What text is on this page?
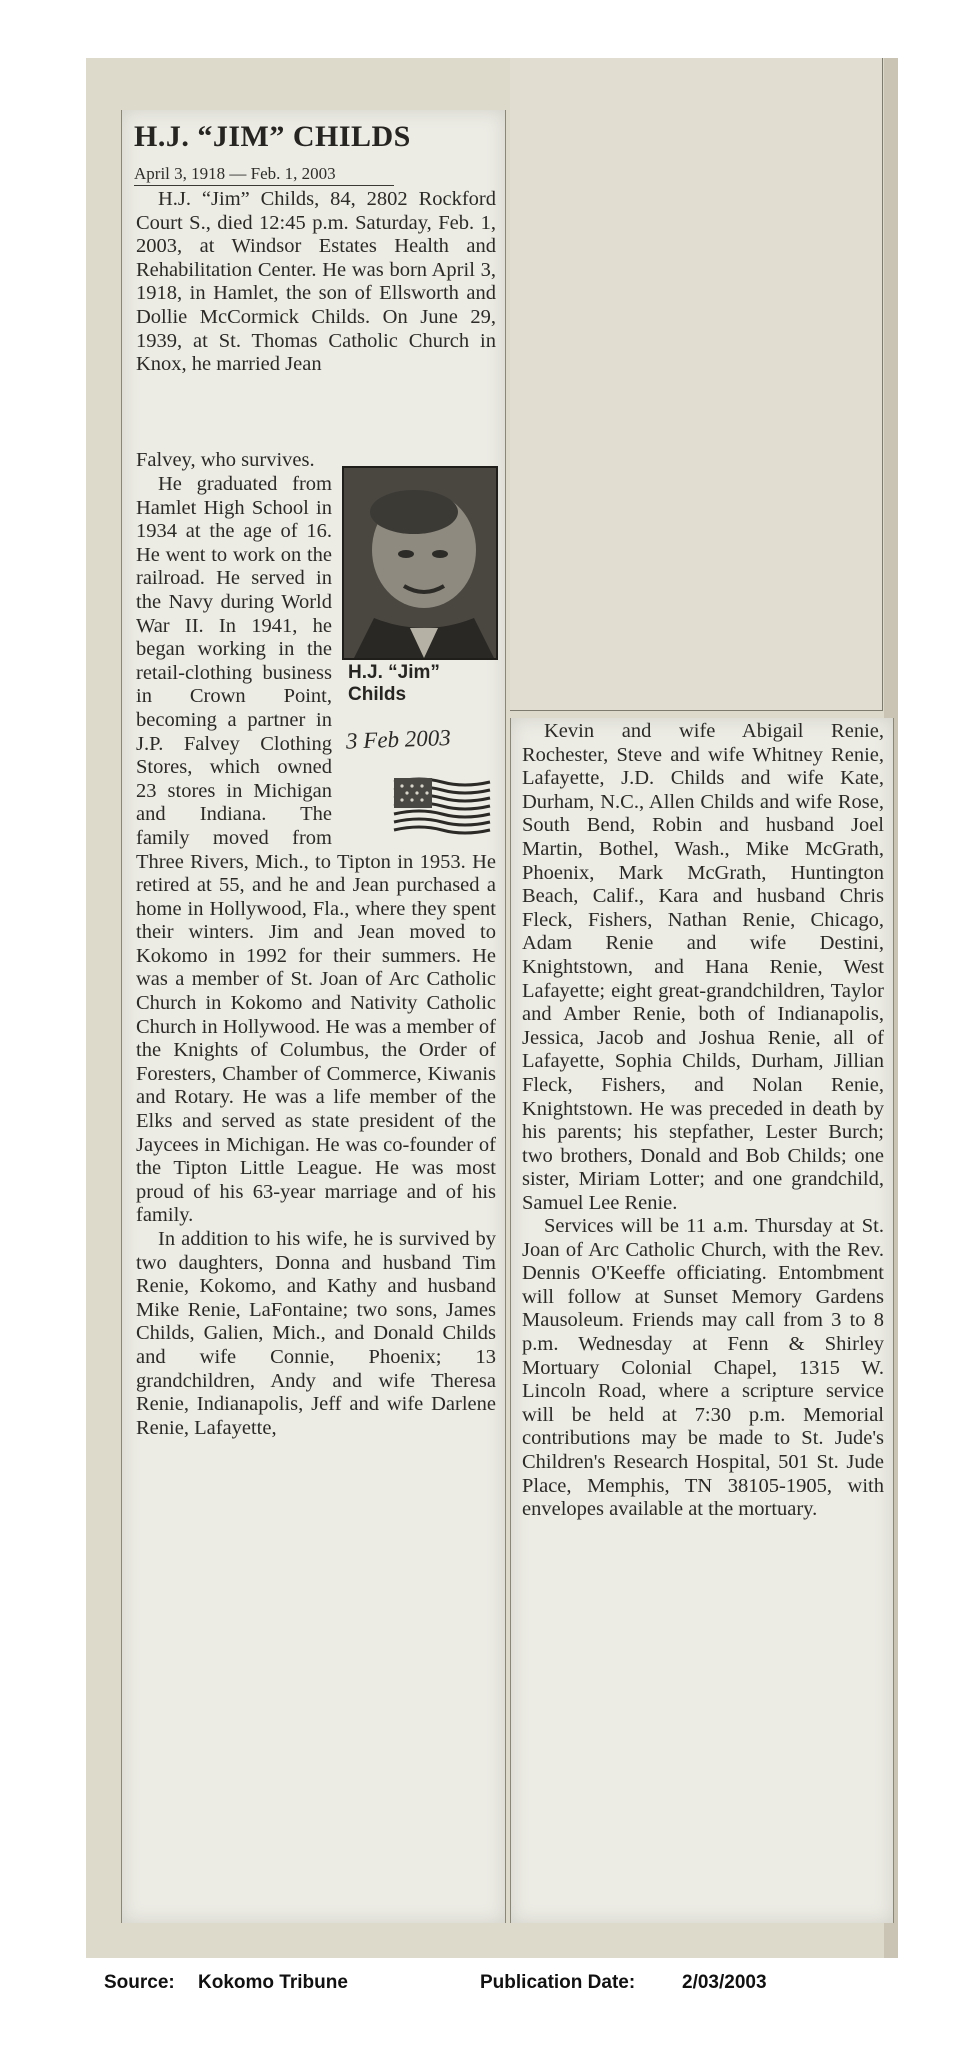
H.J. “JIM” CHILDS
April 3, 1918 — Feb. 1, 2003

H.J. “Jim” Childs, 84, 2802 Rockford Court S., died 12:45 p.m. Saturday, Feb. 1, 2003, at Windsor Estates Health and Rehabilitation Center. He was born April 3, 1918, in Hamlet, the son of Ellsworth and Dollie McCormick Childs. On June 29, 1939, at St. Thomas Catholic Church in Knox, he married Jean

Falvey, who survives.

H.J. “Jim” Childs
3 Feb 2003

He graduated from Hamlet High School in 1934 at the age of 16. He went to work on the railroad. He served in the Navy during World War II. In 1941, he began working in the retail-clothing business in Crown Point, becoming a partner in J.P. Falvey Clothing Stores, which owned 23 stores in Michigan and Indiana. The family moved from Three Rivers, Mich., to Tipton in 1953. He retired at 55, and he and Jean purchased a home in Hollywood, Fla., where they spent their winters. Jim and Jean moved to Kokomo in 1992 for their summers. He was a member of St. Joan of Arc Catholic Church in Kokomo and Nativity Catholic Church in Hollywood. He was a member of the Knights of Columbus, the Order of Foresters, Chamber of Commerce, Kiwanis and Rotary. He was a life member of the Elks and served as state president of the Jaycees in Michigan. He was co-founder of the Tipton Little League. He was most proud of his 63-year marriage and of his family.

In addition to his wife, he is survived by two daughters, Donna and husband Tim Renie, Kokomo, and Kathy and husband Mike Renie, LaFontaine; two sons, James Childs, Galien, Mich., and Donald Childs and wife Connie, Phoenix; 13 grandchildren, Andy and wife Theresa Renie, Indianapolis, Jeff and wife Darlene Renie, Lafayette,

Kevin and wife Abigail Renie, Rochester, Steve and wife Whitney Renie, Lafayette, J.D. Childs and wife Kate, Durham, N.C., Allen Childs and wife Rose, South Bend, Robin and husband Joel Martin, Bothel, Wash., Mike McGrath, Phoenix, Mark McGrath, Huntington Beach, Calif., Kara and husband Chris Fleck, Fishers, Nathan Renie, Chicago, Adam Renie and wife Destini, Knightstown, and Hana Renie, West Lafayette; eight great-grandchildren, Taylor and Amber Renie, both of Indianapolis, Jessica, Jacob and Joshua Renie, all of Lafayette, Sophia Childs, Durham, Jillian Fleck, Fishers, and Nolan Renie, Knightstown. He was preceded in death by his parents; his stepfather, Lester Burch; two brothers, Donald and Bob Childs; one sister, Miriam Lotter; and one grandchild, Samuel Lee Renie.

Services will be 11 a.m. Thursday at St. Joan of Arc Catholic Church, with the Rev. Dennis O'Keeffe officiating. Entombment will follow at Sunset Memory Gardens Mausoleum. Friends may call from 3 to 8 p.m. Wednesday at Fenn & Shirley Mortuary Colonial Chapel, 1315 W. Lincoln Road, where a scripture service will be held at 7:30 p.m. Memorial contributions may be made to St. Jude's Children's Research Hospital, 501 St. Jude Place, Memphis, TN 38105-1905, with envelopes available at the mortuary.

Source: Kokomo Tribune	Publication Date: 2/03/2003
